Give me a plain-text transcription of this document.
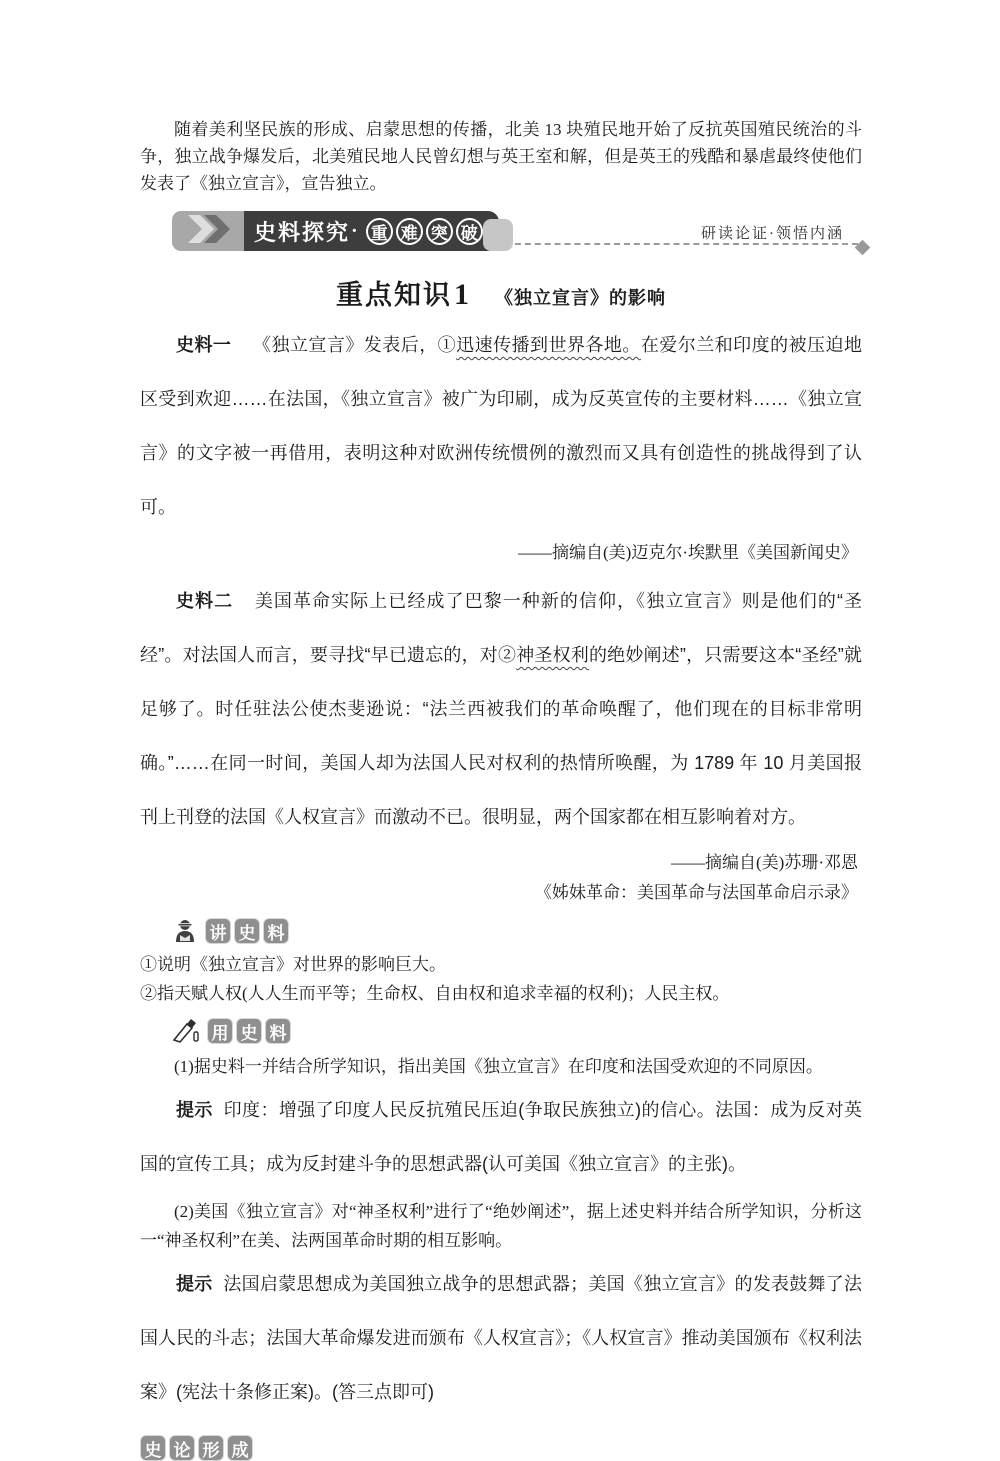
随着美利坚民族的形成、启蒙思想的传播，北美 13 块殖民地开始了反抗英国殖民统治的斗争，独立战争爆发后，北美殖民地人民曾幻想与英王室和解，但是英王的残酷和暴虐最终使他们发表了《独立宣言》，宣告独立。

史料探究 · 重 难 突 破	研读论证·领悟内涵
重点知识1 《独立宣言》的影响

史料一 《独立宣言》发表后，①迅速传播到世界各地。在爱尔兰和印度的被压迫地区受到欢迎……在法国，《独立宣言》被广为印刷，成为反英宣传的主要材料……《独立宣言》的文字被一再借用，表明这种对欧洲传统惯例的激烈而又具有创造性的挑战得到了认可。

——摘编自(美)迈克尔·埃默里《美国新闻史》

史料二 美国革命实际上已经成了巴黎一种新的信仰，《独立宣言》则是他们的“圣经”。对法国人而言，要寻找“早已遗忘的，对②神圣权利的绝妙阐述”，只需要这本“圣经”就足够了。时任驻法公使杰斐逊说：“法兰西被我们的革命唤醒了，他们现在的目标非常明确。”……在同一时间，美国人却为法国人民对权利的热情所唤醒，为 1789 年 10 月美国报刊上刊登的法国《人权宣言》而激动不已。很明显，两个国家都在相互影响着对方。

——摘编自(美)苏珊·邓恩

《姊妹革命：美国革命与法国革命启示录》

讲 史 料

①说明《独立宣言》对世界的影响巨大。

②指天赋人权(人人生而平等；生命权、自由权和追求幸福的权利)；人民主权。

用 史 料

(1)据史料一并结合所学知识，指出美国《独立宣言》在印度和法国受欢迎的不同原因。

提示 印度：增强了印度人民反抗殖民压迫(争取民族独立)的信心。法国：成为反对英国的宣传工具；成为反封建斗争的思想武器(认可美国《独立宣言》的主张)。

(2)美国《独立宣言》对“神圣权利”进行了“绝妙阐述”，据上述史料并结合所学知识，分析这一“神圣权利”在美、法两国革命时期的相互影响。

提示 法国启蒙思想成为美国独立战争的思想武器；美国《独立宣言》的发表鼓舞了法国人民的斗志；法国大革命爆发进而颁布《人权宣言》；《人权宣言》推动美国颁布《权利法案》(宪法十条修正案)。(答三点即可)

史 论 形 成
